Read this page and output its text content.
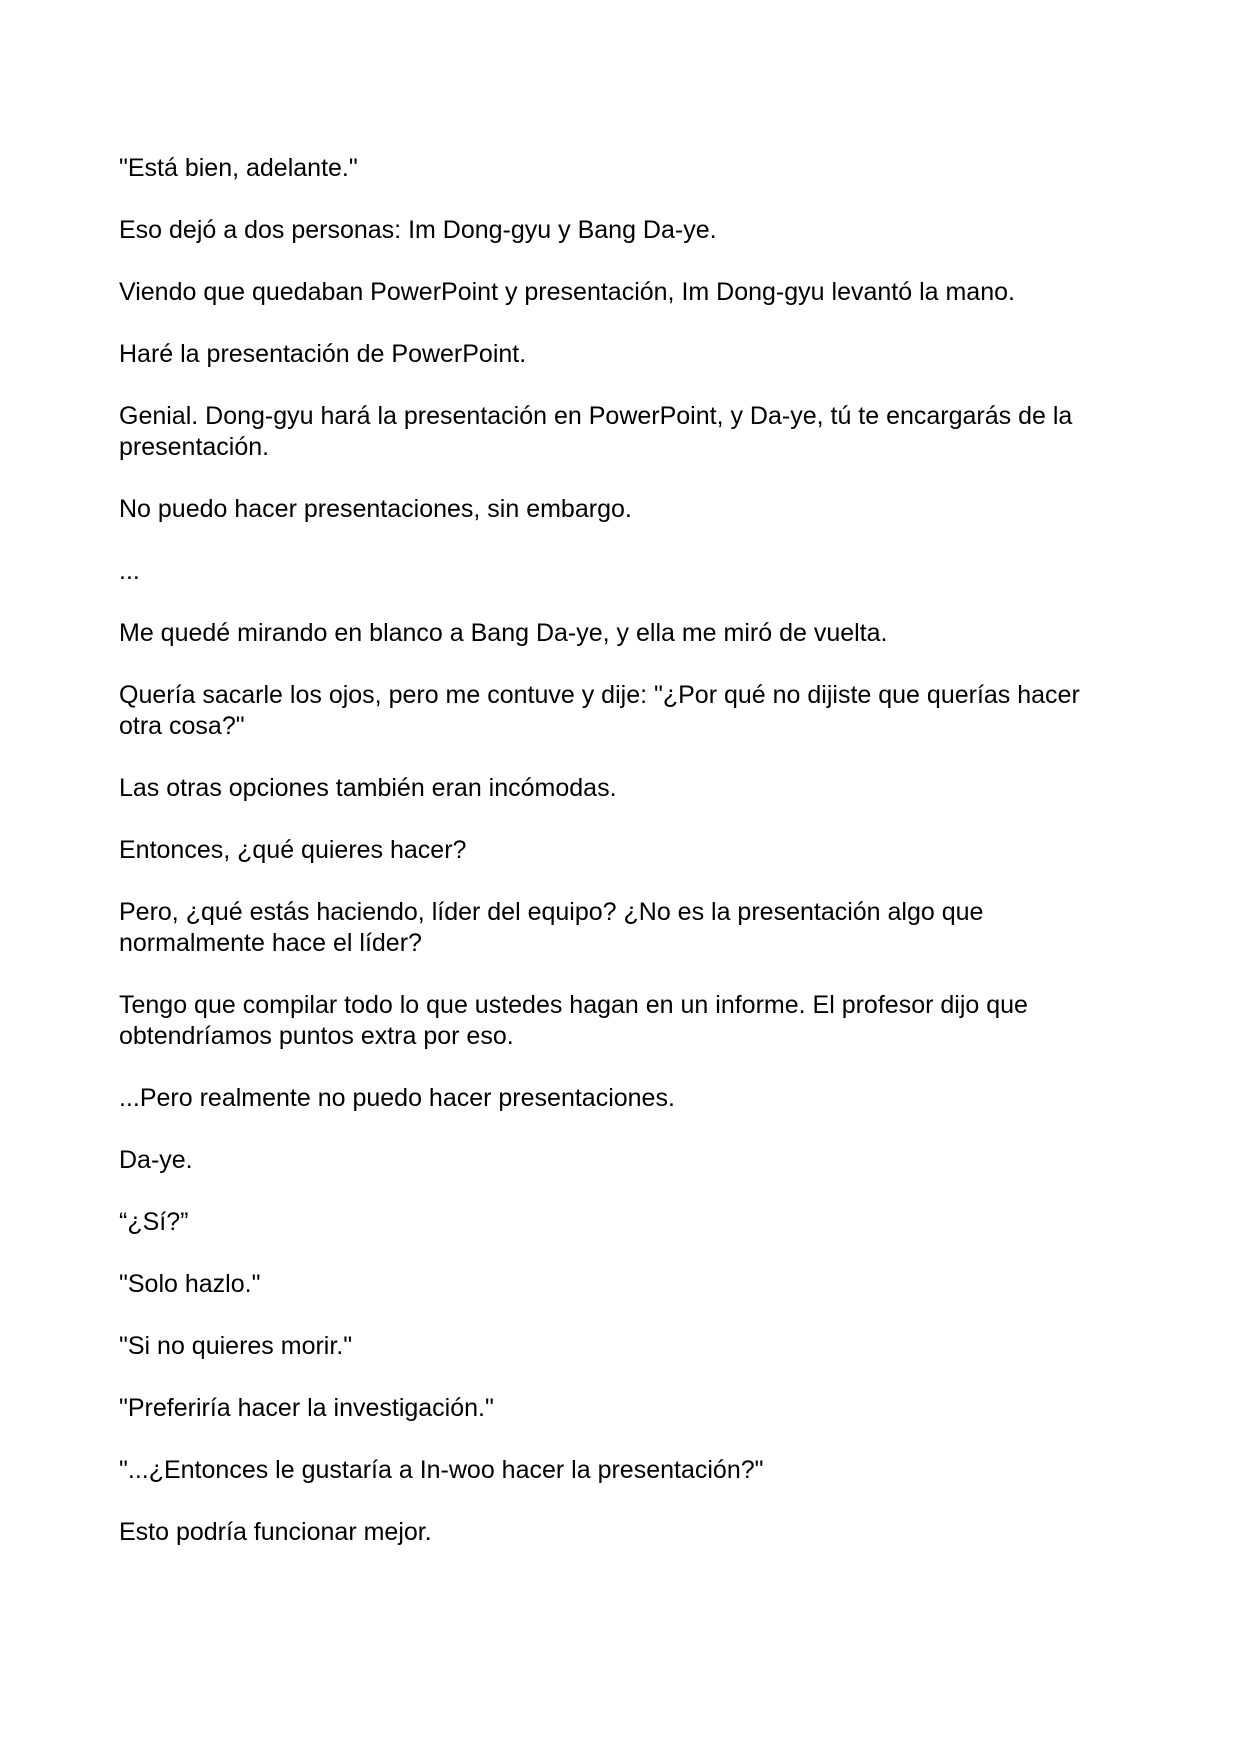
"Está bien, adelante."

Eso dejó a dos personas: Im Dong-gyu y Bang Da-ye.

Viendo que quedaban PowerPoint y presentación, Im Dong-gyu levantó la mano.

Haré la presentación de PowerPoint.

Genial. Dong-gyu hará la presentación en PowerPoint, y Da-ye, tú te encargarás de la presentación.

No puedo hacer presentaciones, sin embargo.

...

Me quedé mirando en blanco a Bang Da-ye, y ella me miró de vuelta.

Quería sacarle los ojos, pero me contuve y dije: "¿Por qué no dijiste que querías hacer otra cosa?"

Las otras opciones también eran incómodas.

Entonces, ¿qué quieres hacer?

Pero, ¿qué estás haciendo, líder del equipo? ¿No es la presentación algo que normalmente hace el líder?

Tengo que compilar todo lo que ustedes hagan en un informe. El profesor dijo que obtendríamos puntos extra por eso.

...Pero realmente no puedo hacer presentaciones.

Da-ye.

“¿Sí?”

"Solo hazlo."

"Si no quieres morir."

"Preferiría hacer la investigación."

"...¿Entonces le gustaría a In-woo hacer la presentación?"

Esto podría funcionar mejor.
